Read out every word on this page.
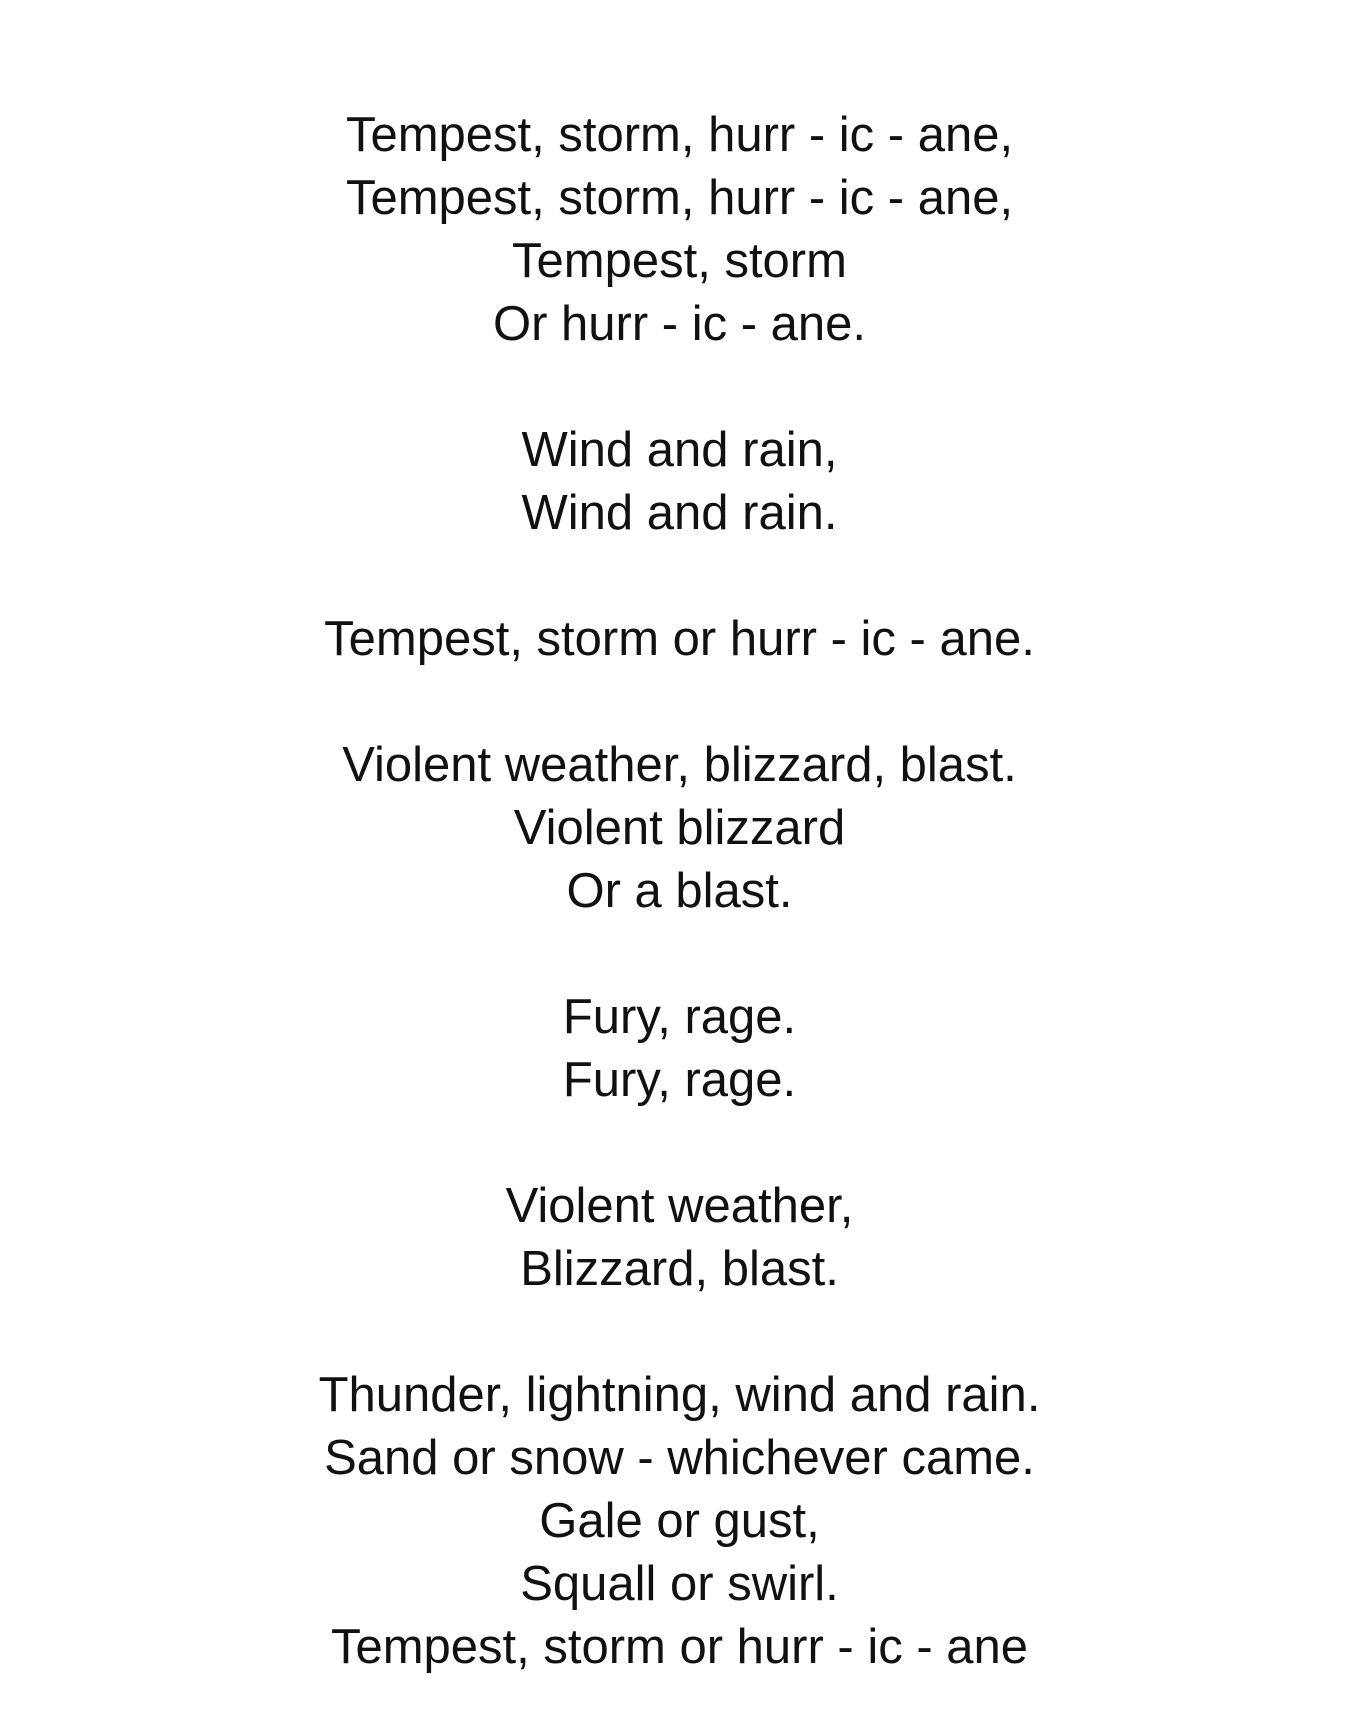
Tempest, storm, hurr - ic - ane,
Tempest, storm, hurr - ic - ane,
Tempest, storm
Or hurr - ic - ane.
Wind and rain,
Wind and rain.
Tempest, storm or hurr - ic - ane.
Violent weather, blizzard, blast.
Violent blizzard
Or a blast.
Fury, rage.
Fury, rage.
Violent weather,
Blizzard, blast.
Thunder, lightning, wind and rain.
Sand or snow - whichever came.
Gale or gust,
Squall or swirl.
Tempest, storm or hurr - ic - ane
